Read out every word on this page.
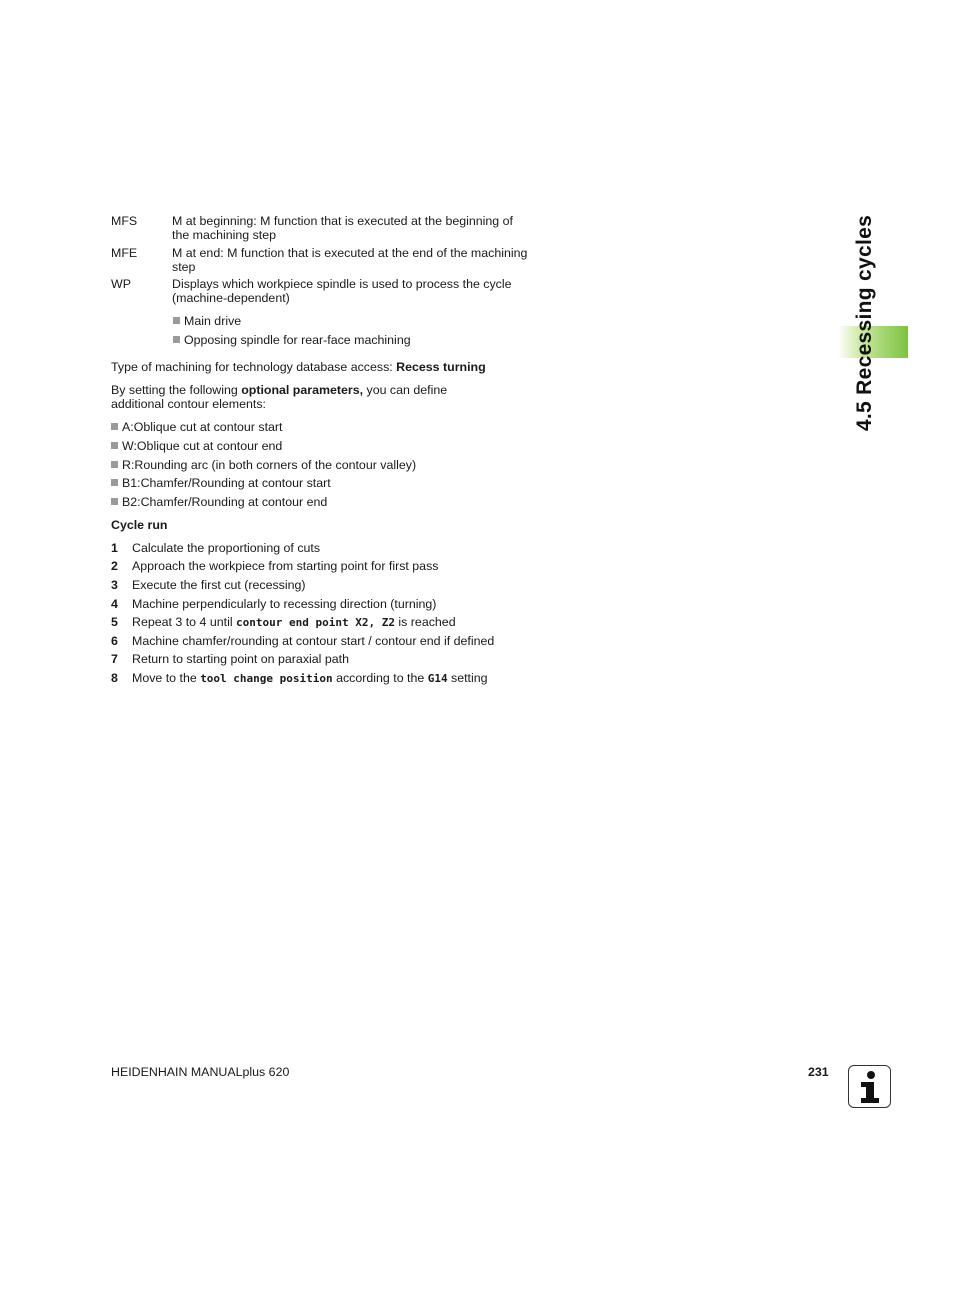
MFS	M at beginning: M function that is executed at the beginning of the machining step
MFE	M at end: M function that is executed at the end of the machining step
WP	Displays which workpiece spindle is used to process the cycle (machine-dependent)
Main drive
Opposing spindle for rear-face machining
Type of machining for technology database access: Recess turning
By setting the following optional parameters, you can define additional contour elements:
A:Oblique cut at contour start
W:Oblique cut at contour end
R:Rounding arc (in both corners of the contour valley)
B1:Chamfer/Rounding at contour start
B2:Chamfer/Rounding at contour end
Cycle run
1 Calculate the proportioning of cuts
2 Approach the workpiece from starting point for first pass
3 Execute the first cut (recessing)
4 Machine perpendicularly to recessing direction (turning)
5 Repeat 3 to 4 until contour end point X2, Z2 is reached
6 Machine chamfer/rounding at contour start / contour end if defined
7 Return to starting point on paraxial path
8 Move to the tool change position according to the G14 setting
4.5 Recessing cycles
HEIDENHAIN MANUALplus 620	231
